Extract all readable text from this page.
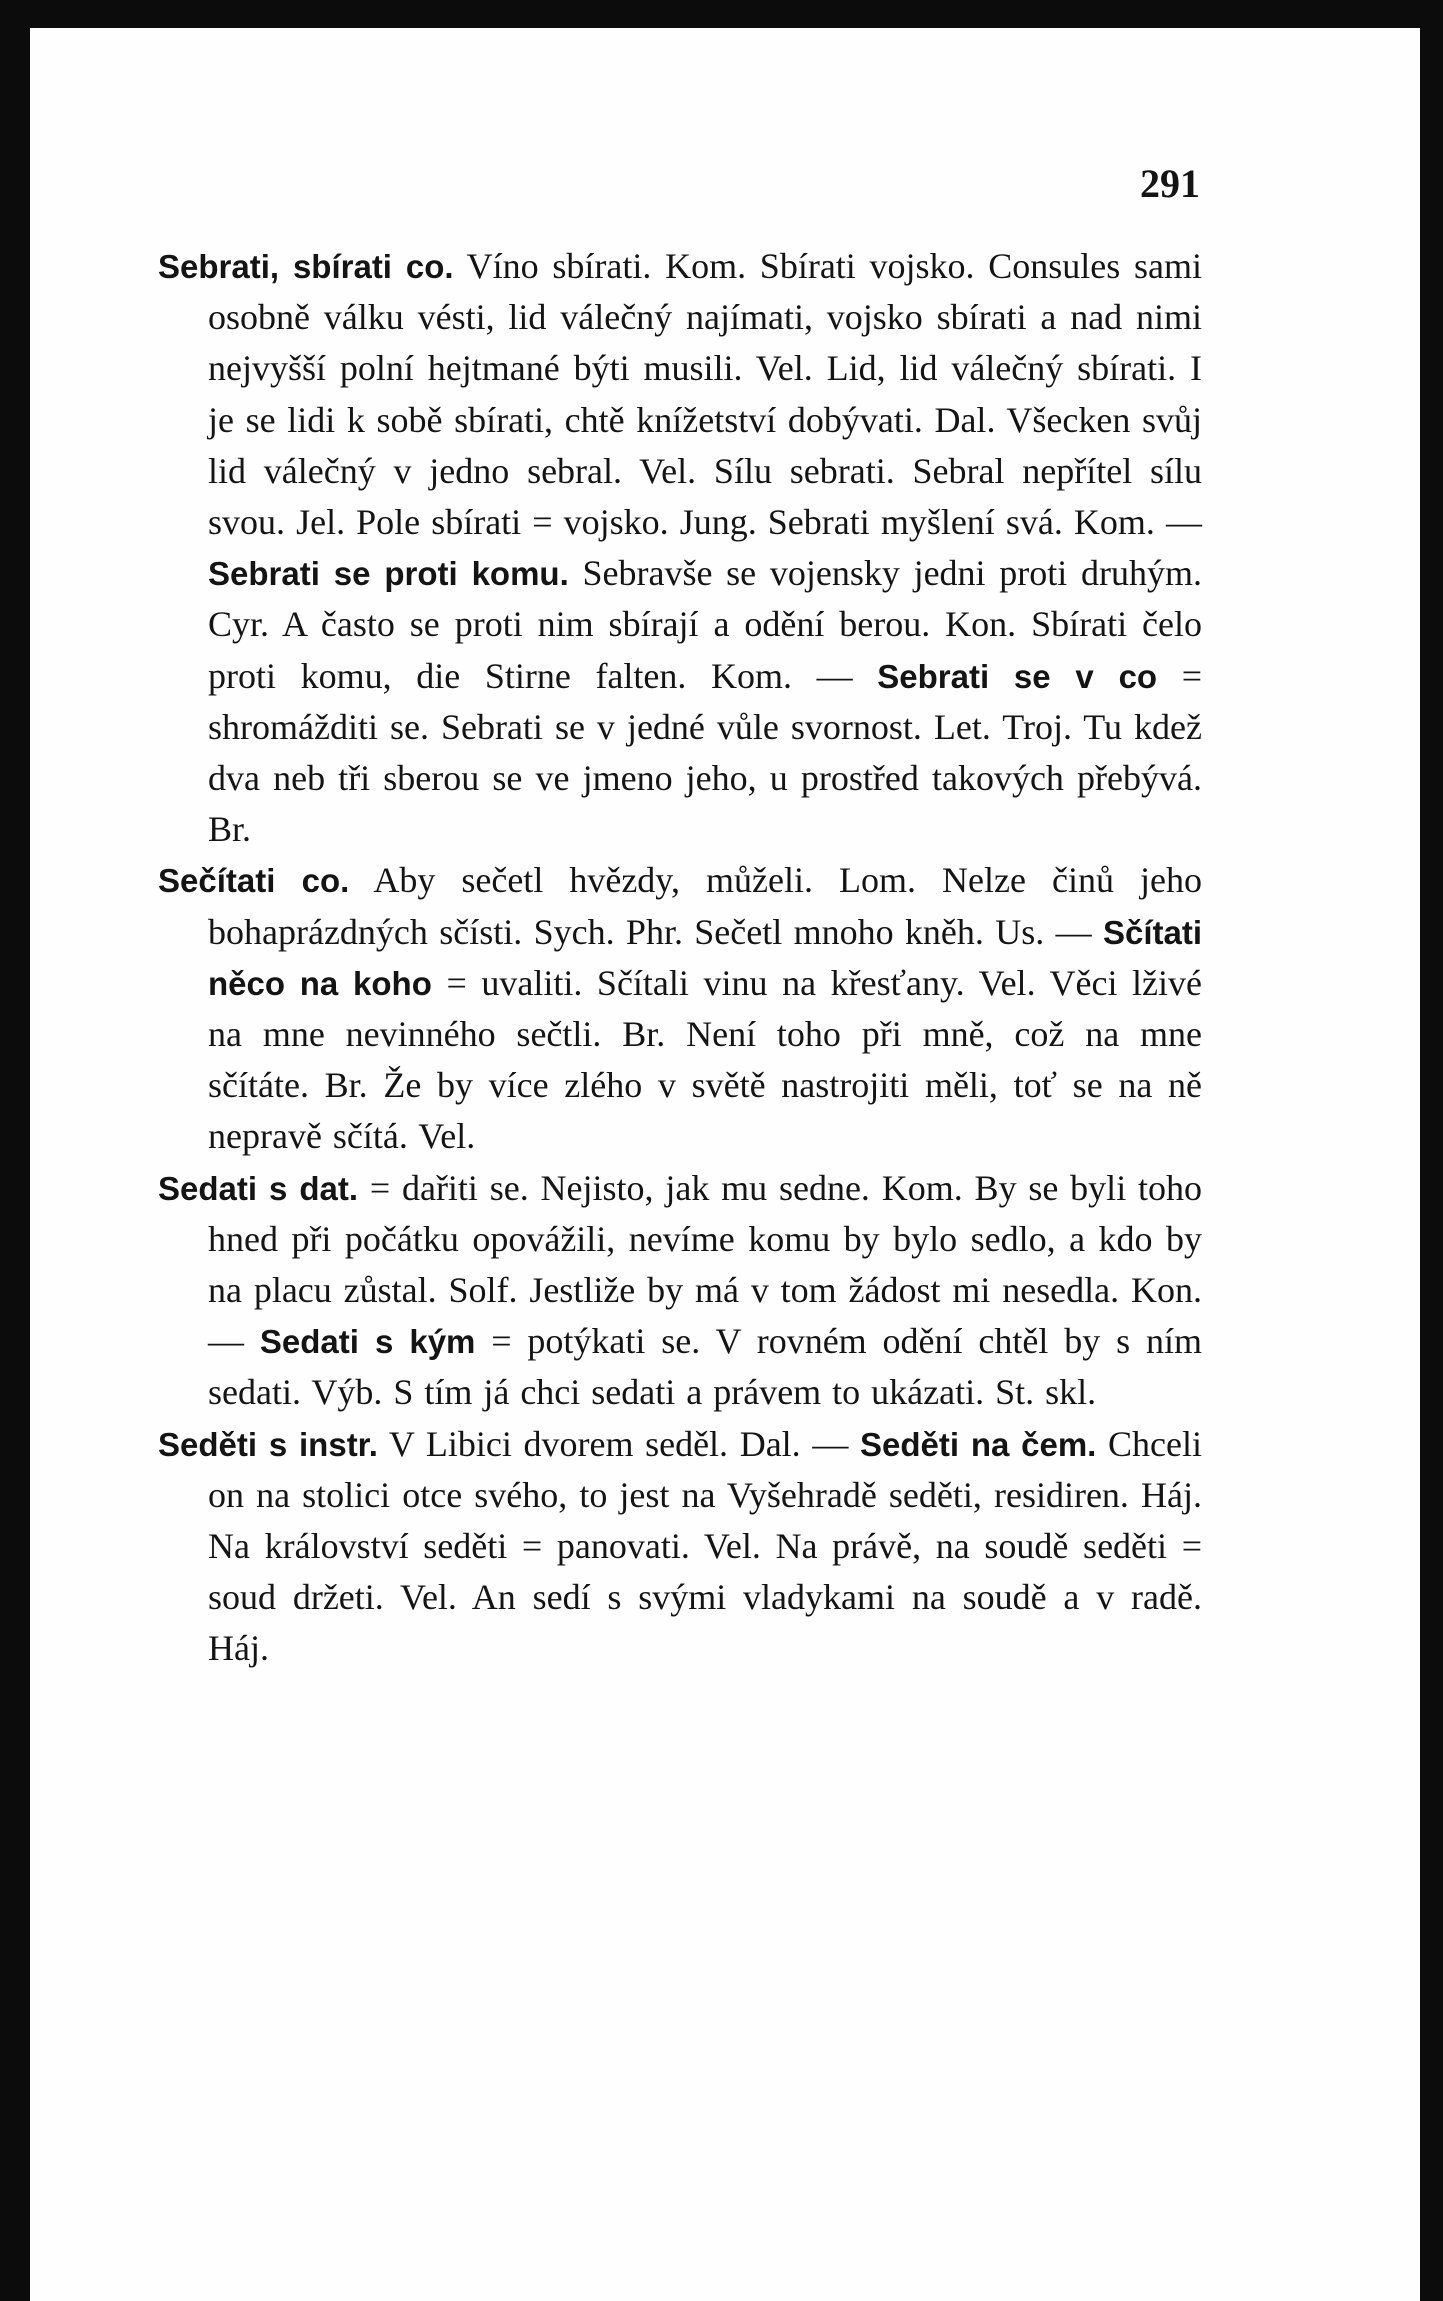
291

Sebrati, sbírati co. Víno sbírati. Kom. Sbírati vojsko. Consules sami osobně válku vésti, lid válečný najímati, vojsko sbírati a nad nimi nejvyšší polní hejtmané býti musili. Vel. Lid, lid válečný sbírati. I je se lidi k sobě sbírati, chtě knížetství dobývati. Dal. Všecken svůj lid válečný v jedno sebral. Vel. Sílu sebrati. Sebral nepřítel sílu svou. Jel. Pole sbírati = vojsko. Jung. Sebrati myšlení svá. Kom. — Sebrati se proti komu. Sebravše se vojensky jedni proti druhým. Cyr. A často se proti nim sbírají a odění berou. Kon. Sbírati čelo proti komu, die Stirne falten. Kom. — Sebrati se v co = shromážditi se. Sebrati se v jedné vůle svornost. Let. Troj. Tu kdež dva neb tři sberou se ve jmeno jeho, u prostřed takových přebývá. Br.

Sečítati co. Aby sečetl hvězdy, můželi. Lom. Nelze činů jeho bohaprázdných sčísti. Sych. Phr. Sečetl mnoho kněh. Us. — Sčítati něco na koho = uvaliti. Sčítali vinu na křesťany. Vel. Věci lživé na mne nevinného sečtli. Br. Není toho při mně, což na mne sčítáte. Br. Že by více zlého v světě nastrojiti měli, toť se na ně nepravě sčítá. Vel.

Sedati s dat. = dařiti se. Nejisto, jak mu sedne. Kom. By se byli toho hned při počátku opovážili, nevíme komu by bylo sedlo, a kdo by na placu zůstal. Solf. Jestliže by má v tom žádost mi nesedla. Kon. — Sedati s kým = potýkati se. V rovném odění chtěl by s ním sedati. Výb. S tím já chci sedati a právem to ukázati. St. skl.

Seděti s instr. V Libici dvorem seděl. Dal. — Seděti na čem. Chceli on na stolici otce svého, to jest na Vyšehradě seděti, residiren. Háj. Na království seděti = panovati. Vel. Na právě, na soudě seděti = soud držeti. Vel. An sedí s svými vladykami na soudě a v radě. Háj.
